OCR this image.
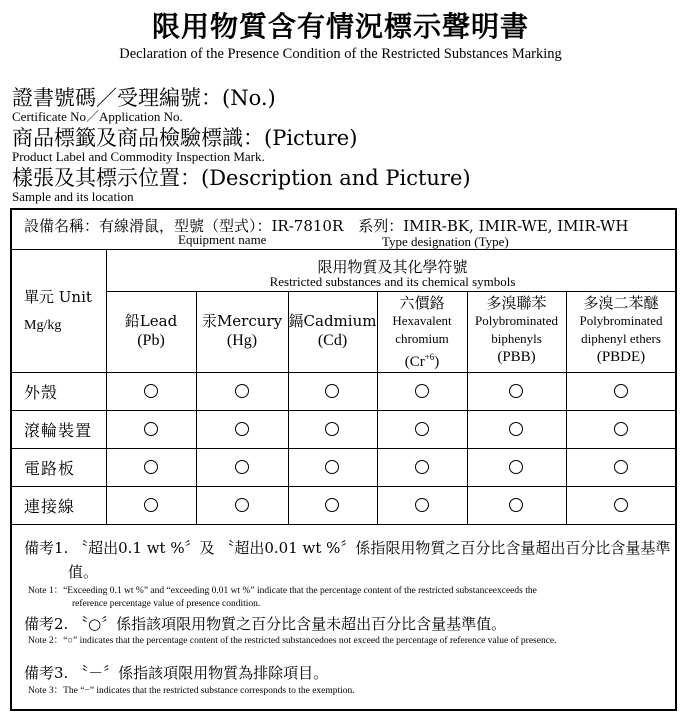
限用物質含有情況標示聲明書
Declaration of the Presence Condition of the Restricted Substances Marking
證書號碼／受理編號：(No.)
Certificate No／Application No.
商品標籤及商品檢驗標識：(Picture)
Product Label and Commodity Inspection Mark.
樣張及其標示位置：(Description and Picture)
Sample and its location
設備名稱：有線滑鼠，型號（型式）：IR-7810R　系列：IMIR-BK, IMIR-WE, IMIR-WH
Equipment name	Type designation (Type)
單元 Unit
Mg/kg
限用物質及其化學符號
Restricted substances and its chemical symbols
鉛Lead
(Pb)
汞Mercury
(Hg)
鎘Cadmium
(Cd)
六價鉻
Hexavalent
chromium
$(Cr^{+6})$
多溴聯苯
Polybrominated
biphenyls
(PBB)
多溴二苯醚
Polybrominated
diphenyl ethers
(PBDE)
外殼
滾輪裝置
電路板
連接線
備考1. 〝超出0.1 wt %〞及 〝超出0.01 wt %〞係指限用物質之百分比含量超出百分比含量基準
值。
Note 1：“Exceeding 0.1 wt %” and “exceeding 0.01 wt %” indicate that the percentage content of the restricted substanceexceeds the
reference percentage value of presence condition.
備考2. 〝○〞係指該項限用物質之百分比含量未超出百分比含量基準值。
Note 2：“○” indicates that the percentage content of the restricted substancedoes not exceed the percentage of reference value of presence.
備考3. 〝－〞係指該項限用物質為排除項目。
Note 3：The “−” indicates that the restricted substance corresponds to the exemption.
